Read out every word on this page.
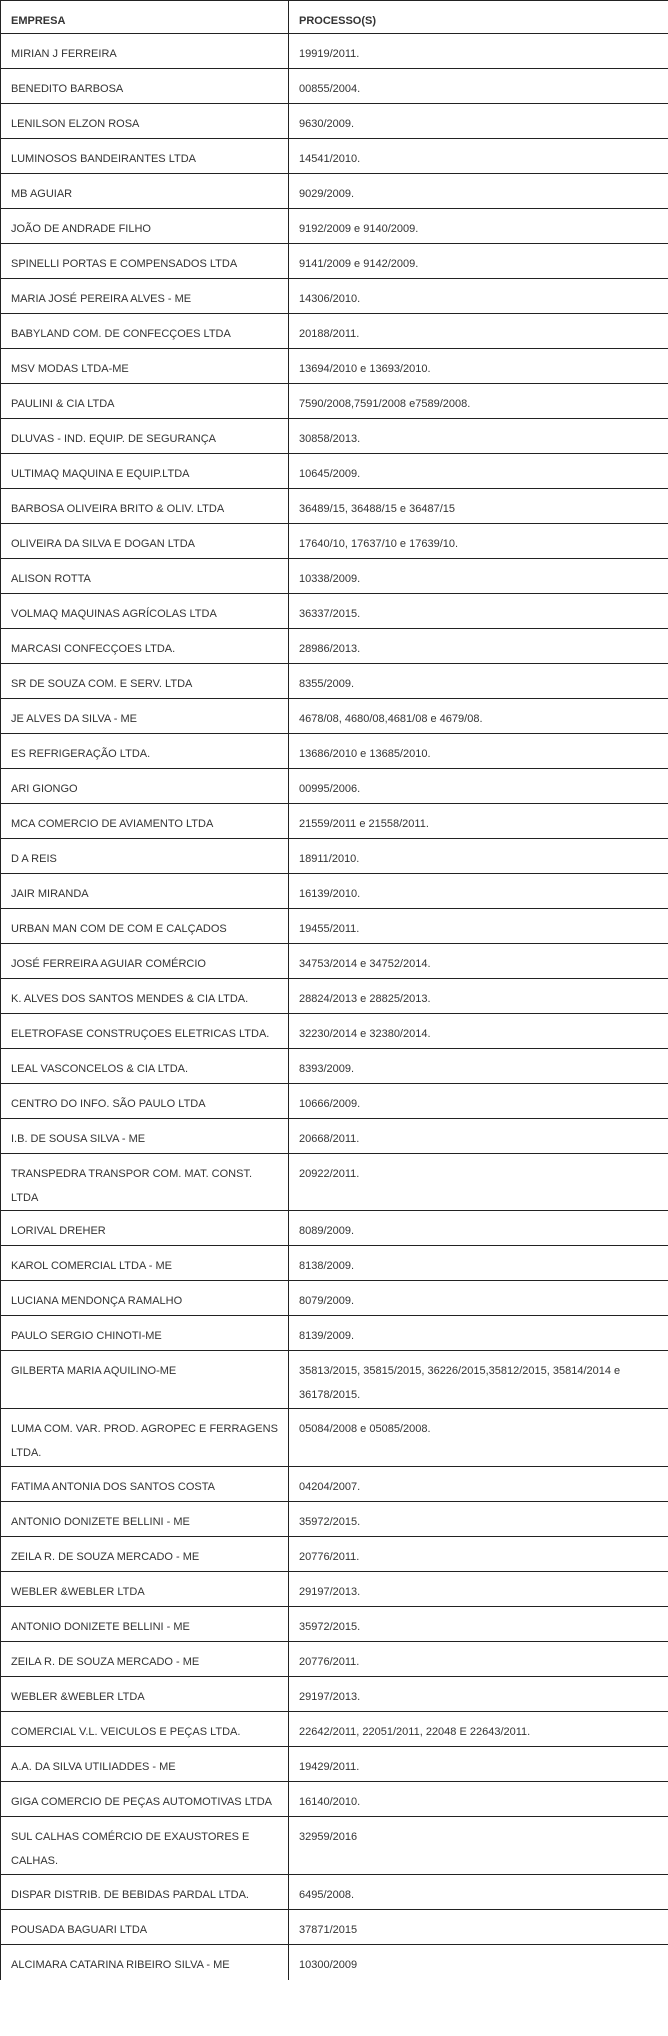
EMPRESA	PROCESSO(S)
MIRIAN J FERREIRA	19919/2011.
BENEDITO BARBOSA	00855/2004.
LENILSON ELZON ROSA	9630/2009.
LUMINOSOS BANDEIRANTES LTDA	14541/2010.
MB AGUIAR	9029/2009.
JOÃO DE ANDRADE FILHO	9192/2009 e 9140/2009.
SPINELLI PORTAS E COMPENSADOS LTDA	9141/2009 e 9142/2009.
MARIA JOSÉ PEREIRA ALVES - ME	14306/2010.
BABYLAND COM. DE CONFECÇOES LTDA	20188/2011.
MSV MODAS LTDA-ME	13694/2010 e 13693/2010.
PAULINI & CIA LTDA	7590/2008,7591/2008 e7589/2008.
DLUVAS - IND. EQUIP. DE SEGURANÇA	30858/2013.
ULTIMAQ MAQUINA E EQUIP.LTDA	10645/2009.
BARBOSA OLIVEIRA BRITO & OLIV. LTDA	36489/15, 36488/15 e 36487/15
OLIVEIRA DA SILVA E DOGAN LTDA	17640/10, 17637/10 e 17639/10.
ALISON ROTTA	10338/2009.
VOLMAQ MAQUINAS AGRÍCOLAS LTDA	36337/2015.
MARCASI CONFECÇOES LTDA.	28986/2013.
SR DE SOUZA COM. E SERV. LTDA	8355/2009.
JE ALVES DA SILVA - ME	4678/08, 4680/08,4681/08 e 4679/08.
ES REFRIGERAÇÃO LTDA.	13686/2010 e 13685/2010.
ARI GIONGO	00995/2006.
MCA COMERCIO DE AVIAMENTO LTDA	21559/2011 e 21558/2011.
D A REIS	18911/2010.
JAIR MIRANDA	16139/2010.
URBAN MAN COM DE COM E CALÇADOS	19455/2011.
JOSÉ FERREIRA AGUIAR COMÉRCIO	34753/2014 e 34752/2014.
K. ALVES DOS SANTOS MENDES & CIA LTDA.	28824/2013 e 28825/2013.
ELETROFASE CONSTRUÇOES ELETRICAS LTDA.	32230/2014 e 32380/2014.
LEAL VASCONCELOS & CIA LTDA.	8393/2009.
CENTRO DO INFO. SÃO PAULO LTDA	10666/2009.
I.B. DE SOUSA SILVA - ME	20668/2011.
TRANSPEDRA TRANSPOR COM. MAT. CONST. LTDA	20922/2011.
LORIVAL DREHER	8089/2009.
KAROL COMERCIAL LTDA - ME	8138/2009.
LUCIANA MENDONÇA RAMALHO	8079/2009.
PAULO SERGIO CHINOTI-ME	8139/2009.
GILBERTA MARIA AQUILINO-ME	35813/2015, 35815/2015, 36226/2015,35812/2015, 35814/2014 e 36178/2015.
LUMA COM. VAR. PROD. AGROPEC E FERRAGENS LTDA.	05084/2008 e 05085/2008.
FATIMA ANTONIA DOS SANTOS COSTA	04204/2007.
ANTONIO DONIZETE BELLINI - ME	35972/2015.
ZEILA R. DE SOUZA MERCADO - ME	20776/2011.
WEBLER &WEBLER LTDA	29197/2013.
ANTONIO DONIZETE BELLINI - ME	35972/2015.
ZEILA R. DE SOUZA MERCADO - ME	20776/2011.
WEBLER &WEBLER LTDA	29197/2013.
COMERCIAL V.L. VEICULOS E PEÇAS LTDA.	22642/2011, 22051/2011, 22048 E 22643/2011.
A.A. DA SILVA UTILIADDES - ME	19429/2011.
GIGA COMERCIO DE PEÇAS AUTOMOTIVAS LTDA	16140/2010.
SUL CALHAS COMÉRCIO DE EXAUSTORES E CALHAS.	32959/2016
DISPAR DISTRIB. DE BEBIDAS PARDAL LTDA.	6495/2008.
POUSADA BAGUARI LTDA	37871/2015
ALCIMARA CATARINA RIBEIRO SILVA - ME	10300/2009
